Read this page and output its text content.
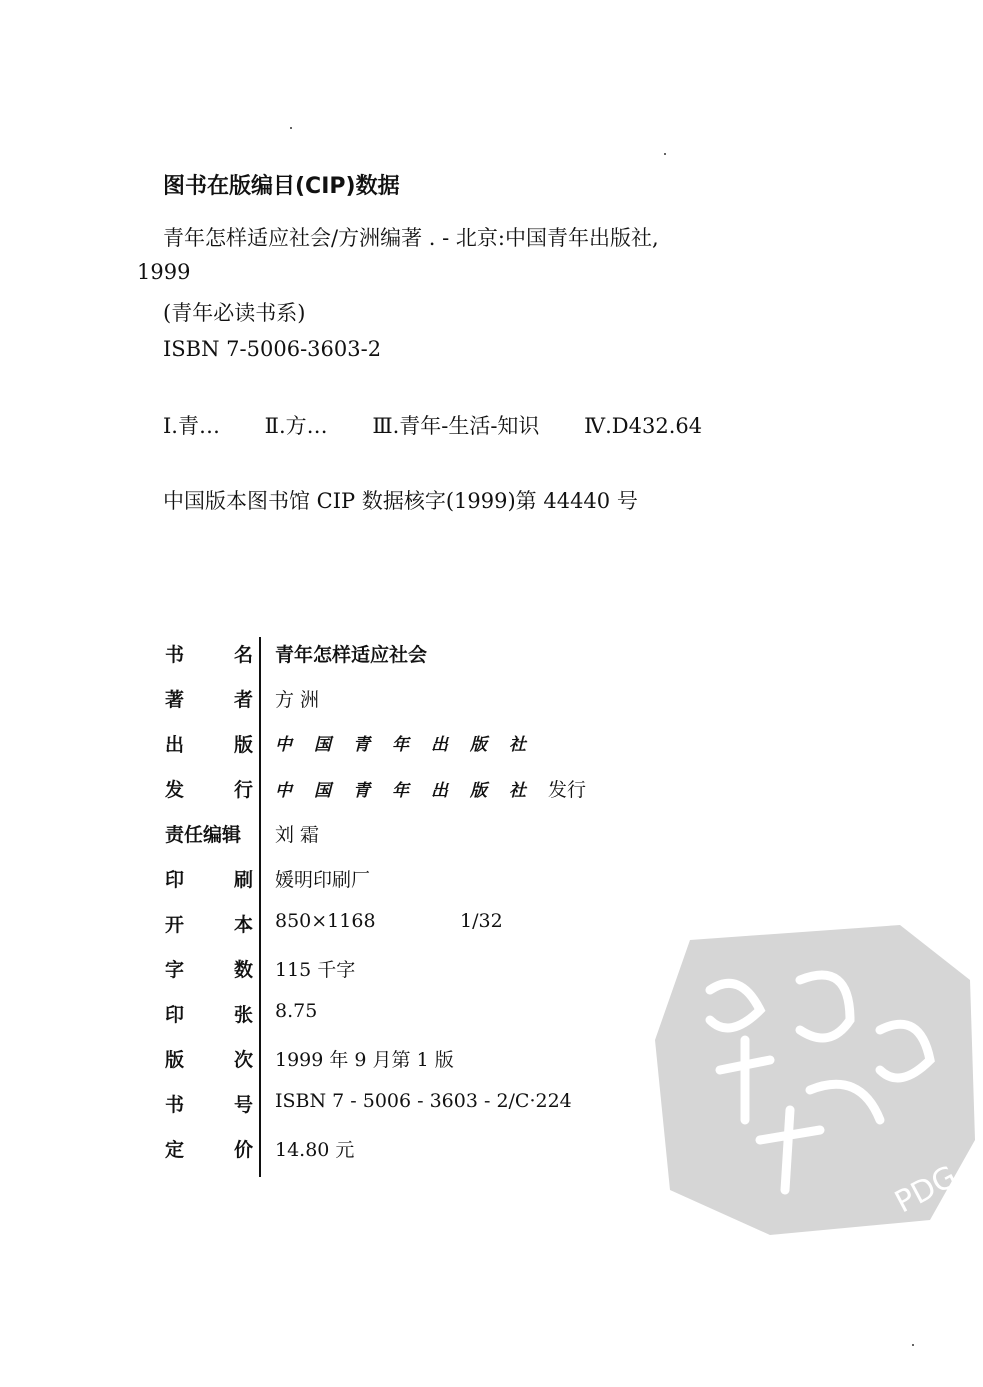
图书在版编目(CIP)数据
青年怎样适应社会/方洲编著 . - 北京:中国青年出版社,
1999
(青年必读书系)
ISBN 7-5006-3603-2
Ⅰ.青… Ⅱ.方… Ⅲ.青年-生活-知识 Ⅳ.D432.64
中国版本图书馆 CIP 数据核字(1999)第 44440 号
书	名 青年怎样适应社会
著	者 方 洲
出	版 中国青年出版社
发	行 中国青年出版社发行
责任编辑	刘 霜
印	刷 媛明印刷厂
开	本 850×1168	1/32
字	数 115 千字
印	张 8.75
版	次 1999 年 9 月第 1 版
书	号 ISBN 7 - 5006 - 3603 - 2/C·224
定	价 14.80 元
PDG
